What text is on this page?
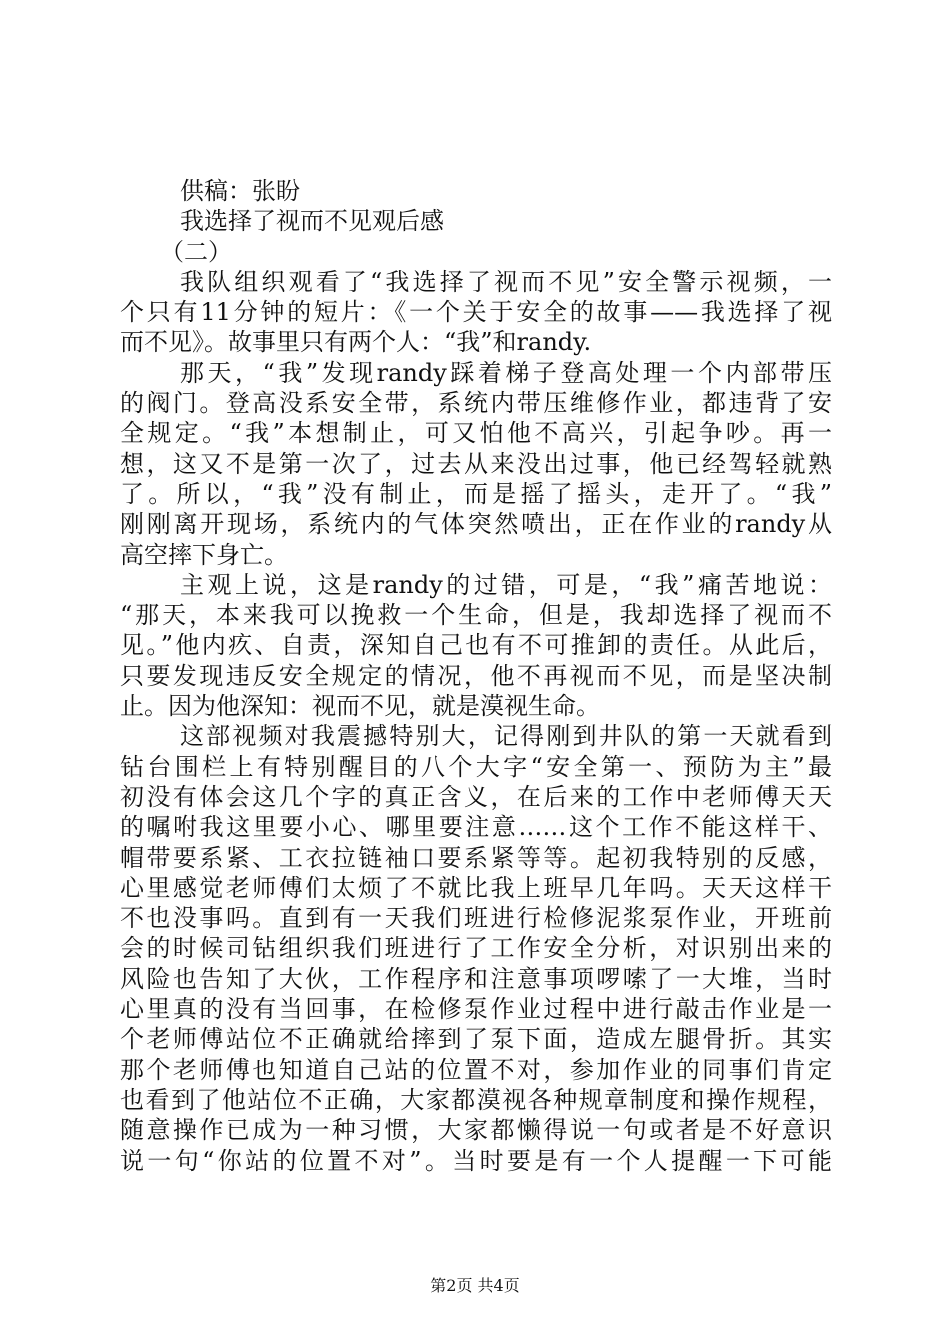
供稿：张盼
我选择了视而不见观后感
（二）
我队组织观看了“我选择了视而不见”安全警示视频，一
个只有11分钟的短片：《一个关于安全的故事——我选择了视
而不见》。故事里只有两个人：“我”和randy.
那天，“我”发现randy踩着梯子登高处理一个内部带压
的阀门。登高没系安全带，系统内带压维修作业，都违背了安
全规定。“我”本想制止，可又怕他不高兴，引起争吵。再一
想，这又不是第一次了，过去从来没出过事，他已经驾轻就熟
了。所以，“我”没有制止，而是摇了摇头，走开了。“我”
刚刚离开现场，系统内的气体突然喷出，正在作业的randy从
高空摔下身亡。
主观上说，这是randy的过错，可是，“我”痛苦地说：
“那天，本来我可以挽救一个生命，但是，我却选择了视而不
见。”他内疚、自责，深知自己也有不可推卸的责任。从此后，
只要发现违反安全规定的情况，他不再视而不见，而是坚决制
止。因为他深知：视而不见，就是漠视生命。
这部视频对我震撼特别大，记得刚到井队的第一天就看到
钻台围栏上有特别醒目的八个大字“安全第一、预防为主”最
初没有体会这几个字的真正含义，在后来的工作中老师傅天天
的嘱咐我这里要小心、哪里要注意……这个工作不能这样干、
帽带要系紧、工衣拉链袖口要系紧等等。起初我特别的反感，
心里感觉老师傅们太烦了不就比我上班早几年吗。天天这样干
不也没事吗。直到有一天我们班进行检修泥浆泵作业，开班前
会的时候司钻组织我们班进行了工作安全分析，对识别出来的
风险也告知了大伙，工作程序和注意事项啰嗦了一大堆，当时
心里真的没有当回事，在检修泵作业过程中进行敲击作业是一
个老师傅站位不正确就给摔到了泵下面，造成左腿骨折。其实
那个老师傅也知道自己站的位置不对，参加作业的同事们肯定
也看到了他站位不正确，大家都漠视各种规章制度和操作规程，
随意操作已成为一种习惯，大家都懒得说一句或者是不好意识
说一句“你站的位置不对”。当时要是有一个人提醒一下可能
第2页 共4页
